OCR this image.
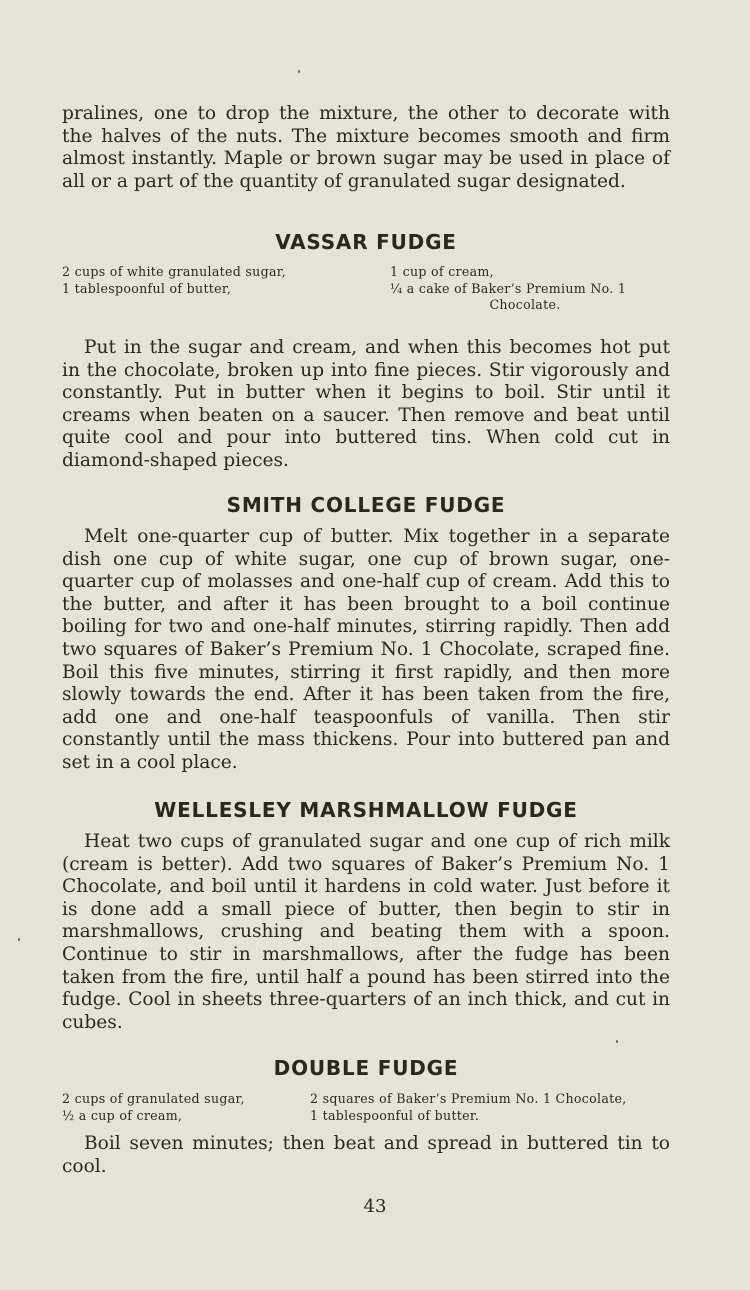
pralines, one to drop the mixture, the other to decorate with the halves of the nuts. The mixture becomes smooth and firm almost instantly. Maple or brown sugar may be used in place of all or a part of the quantity of granulated sugar designated.

VASSAR FUDGE
2 cups of white granulated sugar,
1 tablespoonful of butter,
1 cup of cream,
¼ a cake of Baker’s Premium No. 1
Chocolate.

Put in the sugar and cream, and when this becomes hot put in the chocolate, broken up into fine pieces. Stir vigorously and constantly. Put in butter when it begins to boil. Stir until it creams when beaten on a saucer. Then remove and beat until quite cool and pour into buttered tins. When cold cut in diamond-shaped pieces.

SMITH COLLEGE FUDGE

Melt one-quarter cup of butter. Mix together in a separate dish one cup of white sugar, one cup of brown sugar, one-quarter cup of molasses and one-half cup of cream. Add this to the butter, and after it has been brought to a boil continue boiling for two and one-half minutes, stirring rapidly. Then add two squares of Baker’s Premium No. 1 Chocolate, scraped fine. Boil this five minutes, stirring it first rapidly, and then more slowly towards the end. After it has been taken from the fire, add one and one-half teaspoonfuls of vanilla. Then stir constantly until the mass thickens. Pour into buttered pan and set in a cool place.

WELLESLEY MARSHMALLOW FUDGE

Heat two cups of granulated sugar and one cup of rich milk (cream is better). Add two squares of Baker’s Premium No. 1 Chocolate, and boil until it hardens in cold water. Just before it is done add a small piece of butter, then begin to stir in marshmallows, crushing and beating them with a spoon. Continue to stir in marshmallows, after the fudge has been taken from the fire, until half a pound has been stirred into the fudge. Cool in sheets three-quarters of an inch thick, and cut in cubes.

DOUBLE FUDGE
2 cups of granulated sugar,
½ a cup of cream,
2 squares of Baker’s Premium No. 1 Chocolate,
1 tablespoonful of butter.

Boil seven minutes; then beat and spread in buttered tin to cool.

43
